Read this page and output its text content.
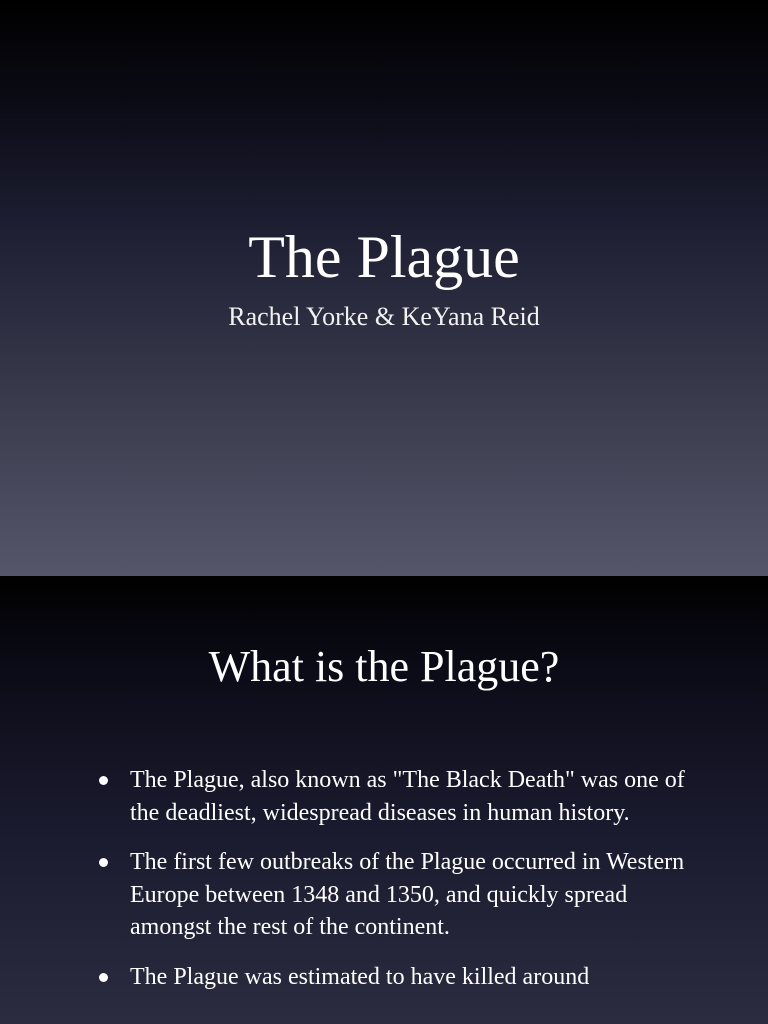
The Plague
Rachel Yorke & KeYana Reid
What is the Plague?
The Plague, also known as "The Black Death" was one of the deadliest, widespread diseases in human history.
The first few outbreaks of the Plague occurred in Western Europe between 1348 and 1350, and quickly spread amongst the rest of the continent.
The Plague was estimated to have killed around
